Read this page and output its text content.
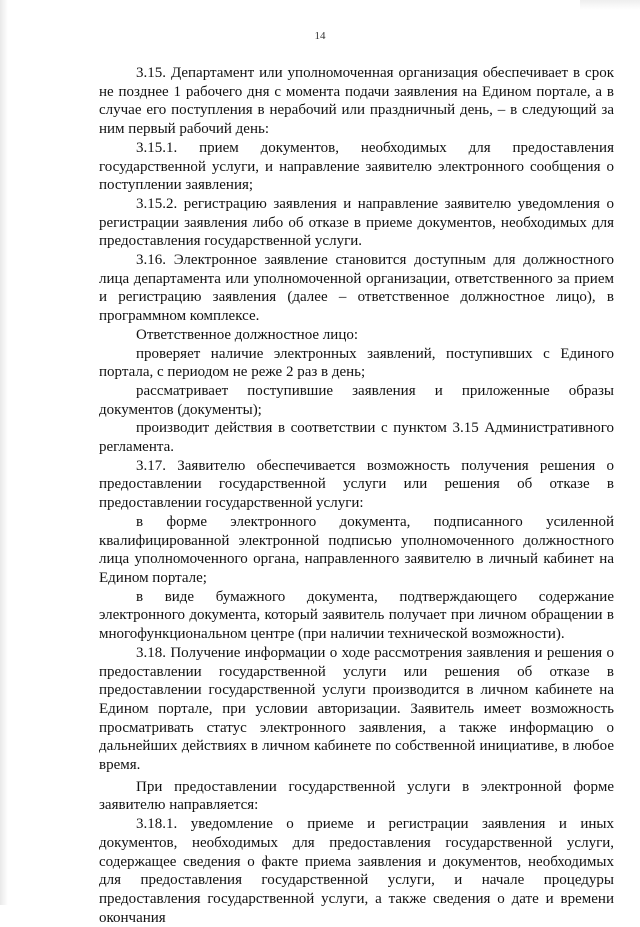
14

3.15. Департамент или уполномоченная организация обеспечивает в срок не позднее 1 рабочего дня с момента подачи заявления на Едином портале, а в случае его поступления в нерабочий или праздничный день, – в следующий за ним первый рабочий день:

3.15.1. прием документов, необходимых для предоставления государственной услуги, и направление заявителю электронного сообщения о поступлении заявления;

3.15.2. регистрацию заявления и направление заявителю уведомления о регистрации заявления либо об отказе в приеме документов, необходимых для предоставления государственной услуги.

3.16. Электронное заявление становится доступным для должностного лица департамента или уполномоченной организации, ответственного за прием и регистрацию заявления (далее – ответственное должностное лицо), в программном комплексе.

Ответственное должностное лицо:

проверяет наличие электронных заявлений, поступивших с Единого портала, с периодом не реже 2 раз в день;

рассматривает поступившие заявления и приложенные образы документов (документы);

производит действия в соответствии с пунктом 3.15 Административного регламента.

3.17. Заявителю обеспечивается возможность получения решения о предоставлении государственной услуги или решения об отказе в предоставлении государственной услуги:

в форме электронного документа, подписанного усиленной квалифицированной электронной подписью уполномоченного должностного лица уполномоченного органа, направленного заявителю в личный кабинет на Едином портале;

в виде бумажного документа, подтверждающего содержание электронного документа, который заявитель получает при личном обращении в многофункциональном центре (при наличии технической возможности).

3.18. Получение информации о ходе рассмотрения заявления и решения о предоставлении государственной услуги или решения об отказе в предоставлении государственной услуги производится в личном кабинете на Едином портале, при условии авторизации. Заявитель имеет возможность просматривать статус электронного заявления, а также информацию о дальнейших действиях в личном кабинете по собственной инициативе, в любое время.

При предоставлении государственной услуги в электронной форме заявителю направляется:

3.18.1. уведомление о приеме и регистрации заявления и иных документов, необходимых для предоставления государственной услуги, содержащее сведения о факте приема заявления и документов, необходимых для предоставления государственной услуги, и начале процедуры предоставления государственной услуги, а также сведения о дате и времени окончания
